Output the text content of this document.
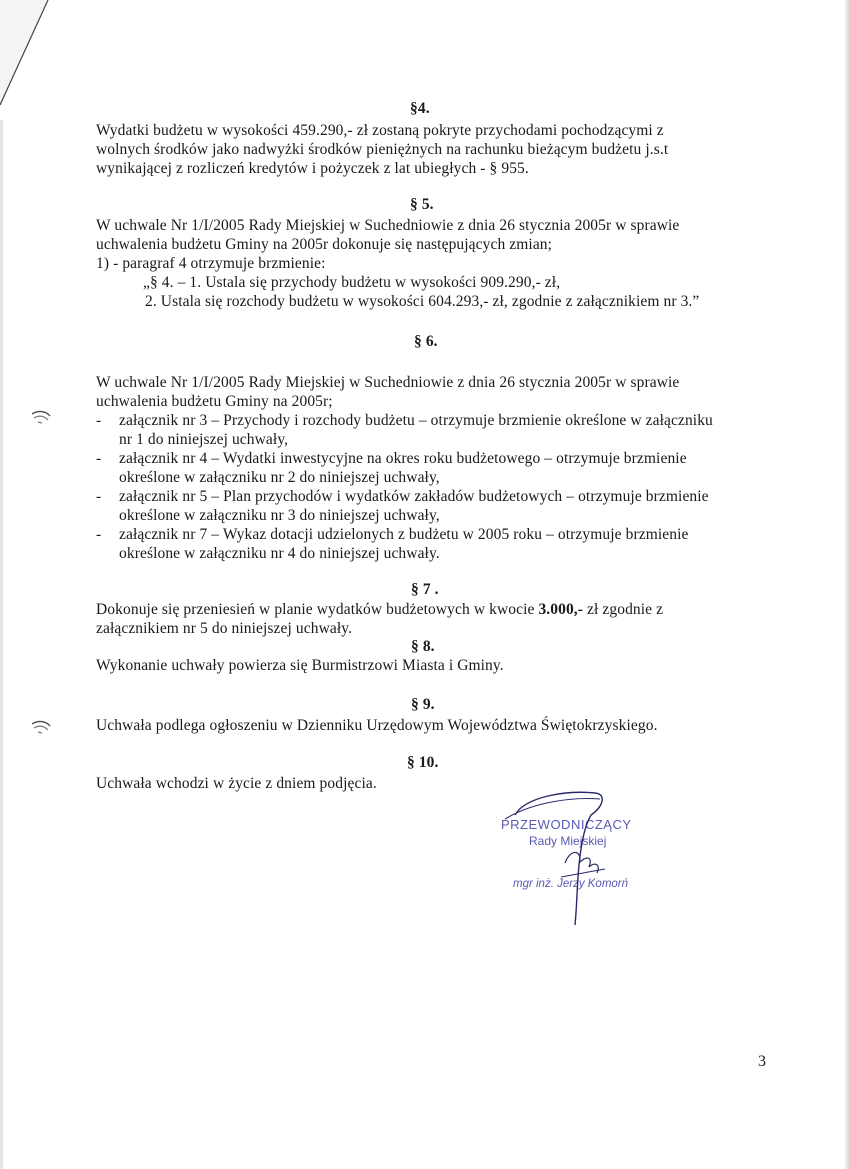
§4.
Wydatki budżetu w wysokości 459.290,- zł zostaną pokryte przychodami pochodzącymi z
wolnych środków jako nadwyżki środków pieniężnych na rachunku bieżącym budżetu j.s.t
wynikającej z rozliczeń kredytów i pożyczek z lat ubiegłych - § 955.
§ 5.
W uchwale Nr 1/I/2005 Rady Miejskiej w Suchedniowie z dnia 26 stycznia 2005r w sprawie
uchwalenia budżetu Gminy na 2005r dokonuje się następujących zmian;
1) - paragraf 4 otrzymuje brzmienie:
„§ 4. – 1. Ustala się przychody budżetu w wysokości 909.290,- zł,
2. Ustala się rozchody budżetu w wysokości 604.293,- zł, zgodnie z załącznikiem nr 3.”
§ 6.
W uchwale Nr 1/I/2005 Rady Miejskiej w Suchedniowie z dnia 26 stycznia 2005r w sprawie
uchwalenia budżetu Gminy na 2005r;
- załącznik nr 3 – Przychody i rozchody budżetu – otrzymuje brzmienie określone w załączniku
nr 1 do niniejszej uchwały,
- załącznik nr 4 – Wydatki inwestycyjne na okres roku budżetowego – otrzymuje brzmienie
określone w załączniku nr 2 do niniejszej uchwały,
- załącznik nr 5 – Plan przychodów i wydatków zakładów budżetowych – otrzymuje brzmienie
określone w załączniku nr 3 do niniejszej uchwały,
- załącznik nr 7 – Wykaz dotacji udzielonych z budżetu w 2005 roku – otrzymuje brzmienie
określone w załączniku nr 4 do niniejszej uchwały.
§ 7 .
Dokonuje się przeniesień w planie wydatków budżetowych w kwocie 3.000,- zł zgodnie z
załącznikiem nr 5 do niniejszej uchwały.
§ 8.
Wykonanie uchwały powierza się Burmistrzowi Miasta i Gminy.
§ 9.
Uchwała podlega ogłoszeniu w Dzienniku Urzędowym Województwa Świętokrzyskiego.
§ 10.
Uchwała wchodzi w życie z dniem podjęcia.
PRZEWODNICZĄCY
Rady Miejskiej
mgr inż. Jerzy Komorń
3
